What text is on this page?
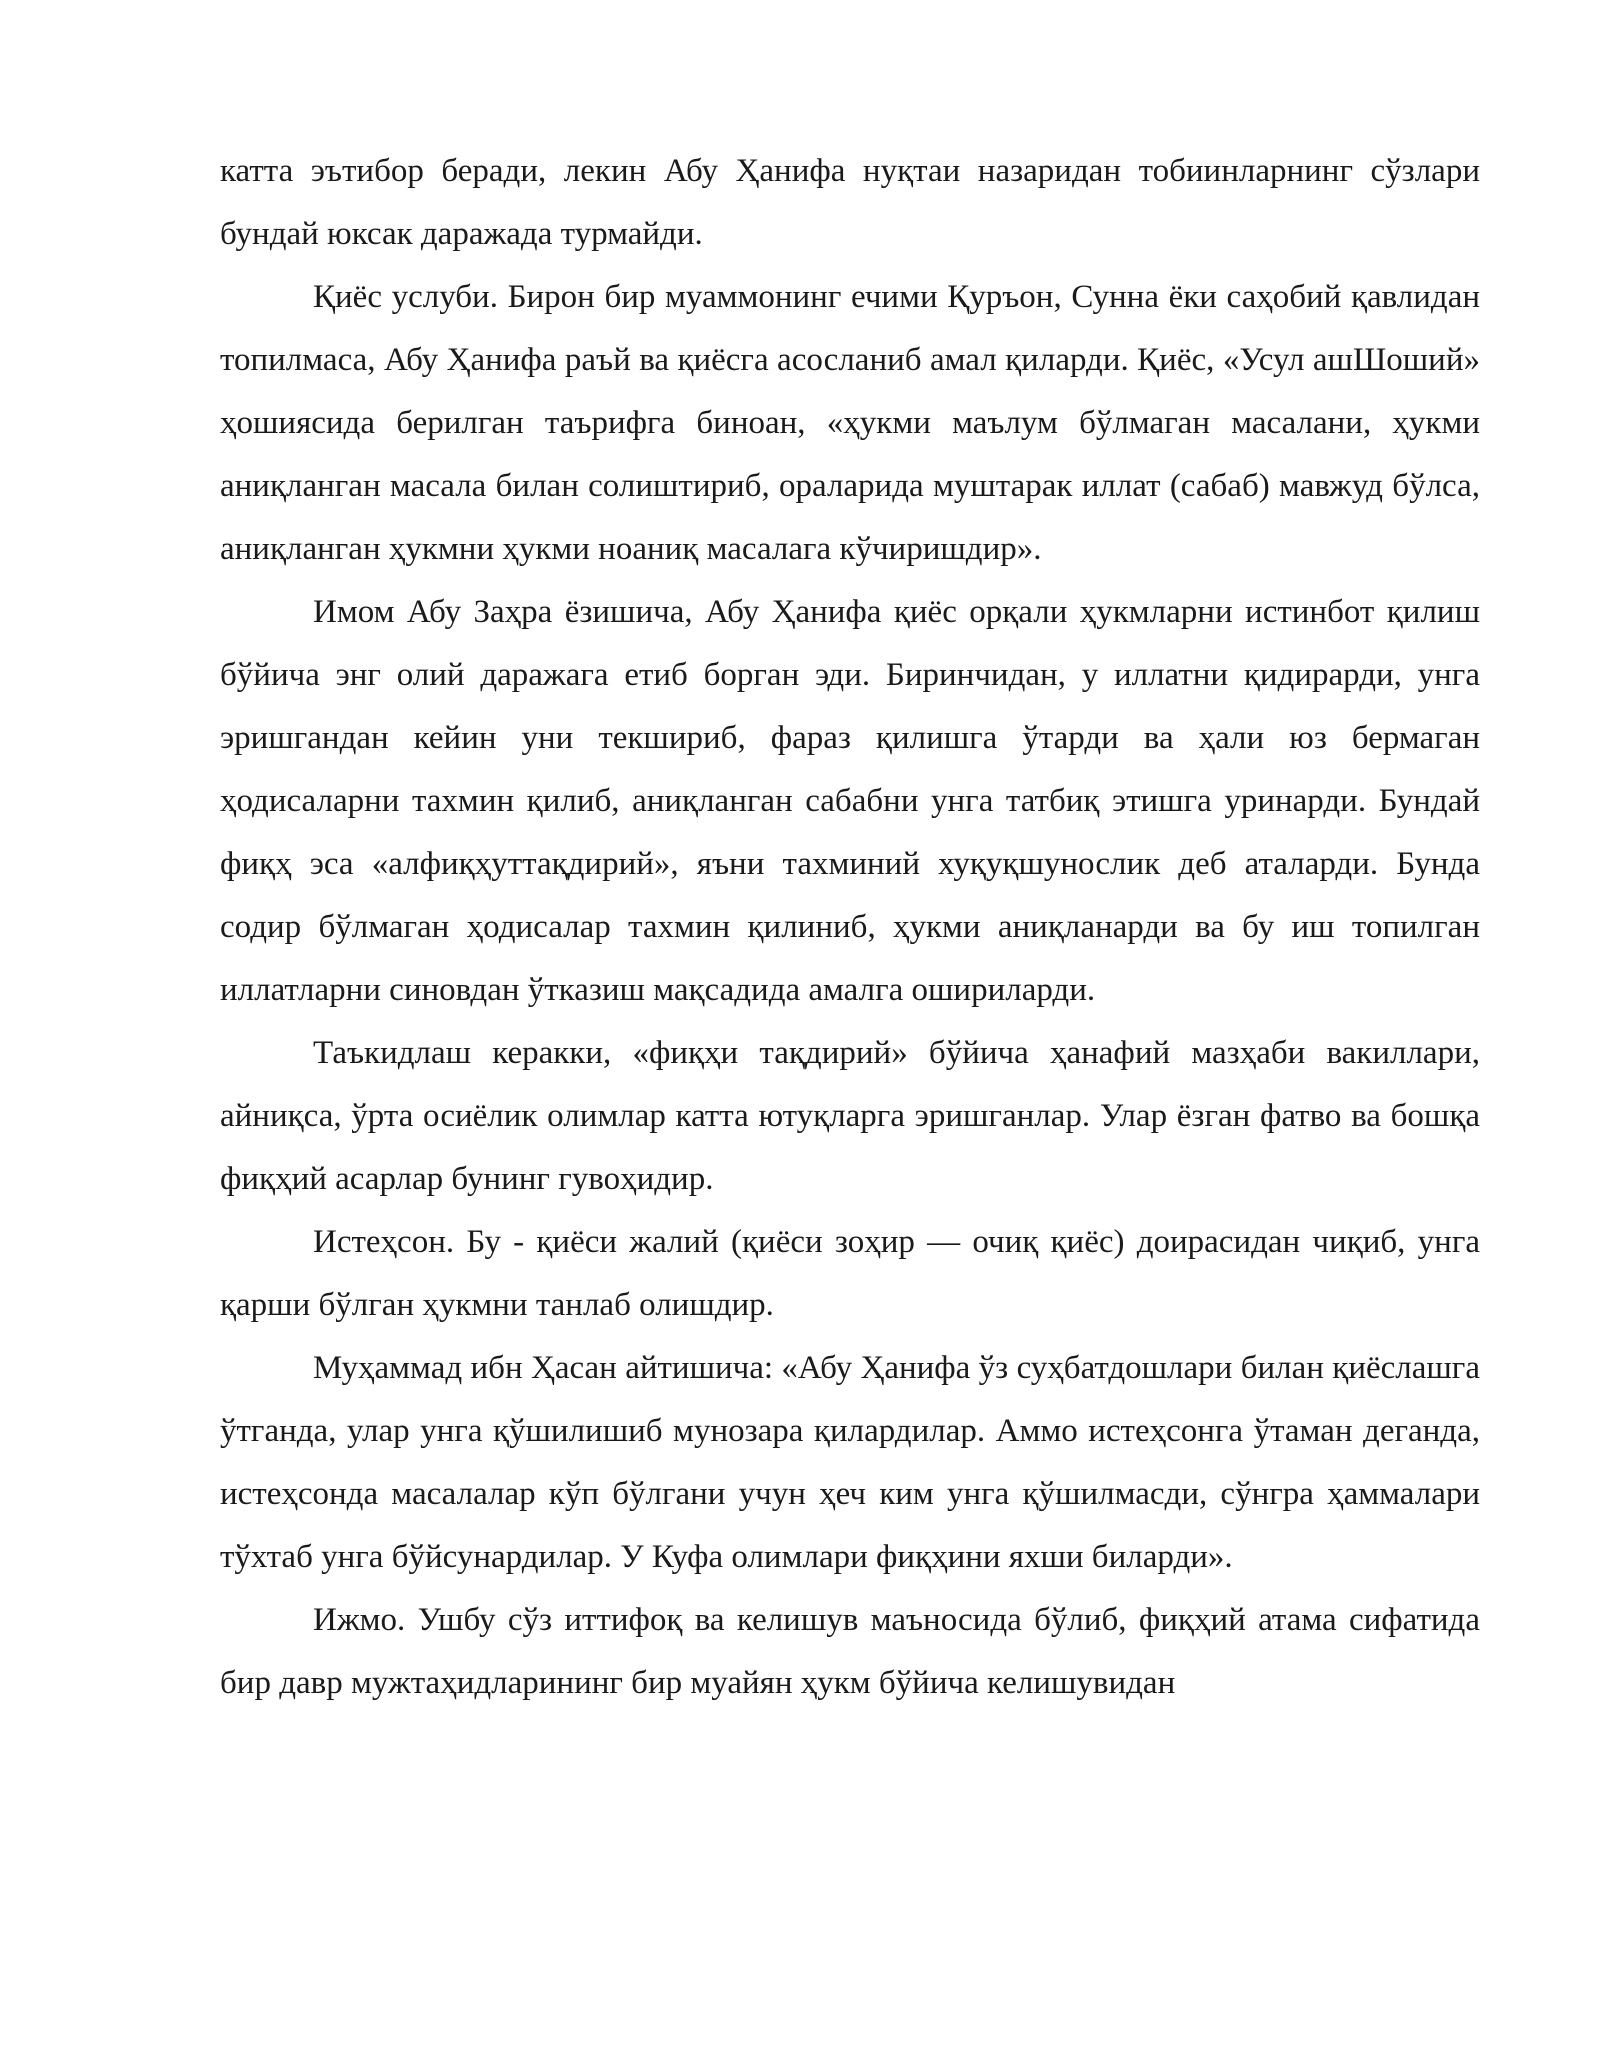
катта эътибор беради, лекин Абу Ҳанифа нуқтаи назаридан тобиинларнинг сўзлари бундай юксак даражада турмайди.

Қиёс услуби. Бирон бир муаммонинг ечими Қуръон, Сунна ёки саҳобий қавлидан топилмаса, Абу Ҳанифа раъй ва қиёсга асосланиб амал қиларди. Қиёс, «Усул ашШоший» ҳошиясида берилган таърифга биноан, «ҳукми маълум бўлмаган масалани, ҳукми аниқланган масала билан солиштириб, ораларида муштарак иллат (сабаб) мавжуд бўлса, аниқланган ҳукмни ҳукми ноаниқ масалага кўчиришдир».

Имом Абу Заҳра ёзишича, Абу Ҳанифа қиёс орқали ҳукмларни истинбот қилиш бўйича энг олий даражага етиб борган эди. Биринчидан, у иллатни қидирарди, унга эришгандан кейин уни текшириб, фараз қилишга ўтарди ва ҳали юз бермаган ҳодисаларни тахмин қилиб, аниқланган сабабни унга татбиқ этишга уринарди. Бундай фиқҳ эса «алфиқҳуттақдирий», яъни тахминий хуқуқшунослик деб аталарди. Бунда содир бўлмаган ҳодисалар тахмин қилиниб, ҳукми аниқланарди ва бу иш топилган иллатларни синовдан ўтказиш мақсадида амалга ошириларди.

Таъкидлаш керакки, «фиқҳи тақдирий» бўйича ҳанафий мазҳаби вакиллари, айниқса, ўрта осиёлик олимлар катта ютуқларга эришганлар. Улар ёзган фатво ва бошқа фиқҳий асарлар бунинг гувоҳидир.

Истеҳсон. Бу - қиёси жалий (қиёси зоҳир — очиқ қиёс) доирасидан чиқиб, унга қарши бўлган ҳукмни танлаб олишдир.

Муҳаммад ибн Ҳасан айтишича: «Абу Ҳанифа ўз суҳбатдошлари билан қиёслашга ўтганда, улар унга қўшилишиб мунозара қилардилар. Аммо истеҳсонга ўтаман деганда, истеҳсонда масалалар кўп бўлгани учун ҳеч ким унга қўшилмасди, сўнгра ҳаммалари тўхтаб унга бўйсунардилар. У Куфа олимлари фиқҳини яхши биларди».

Ижмо. Ушбу сўз иттифоқ ва келишув маъносида бўлиб, фиқҳий атама сифатида бир давр мужтаҳидларининг бир муайян ҳукм бўйича келишувидан
